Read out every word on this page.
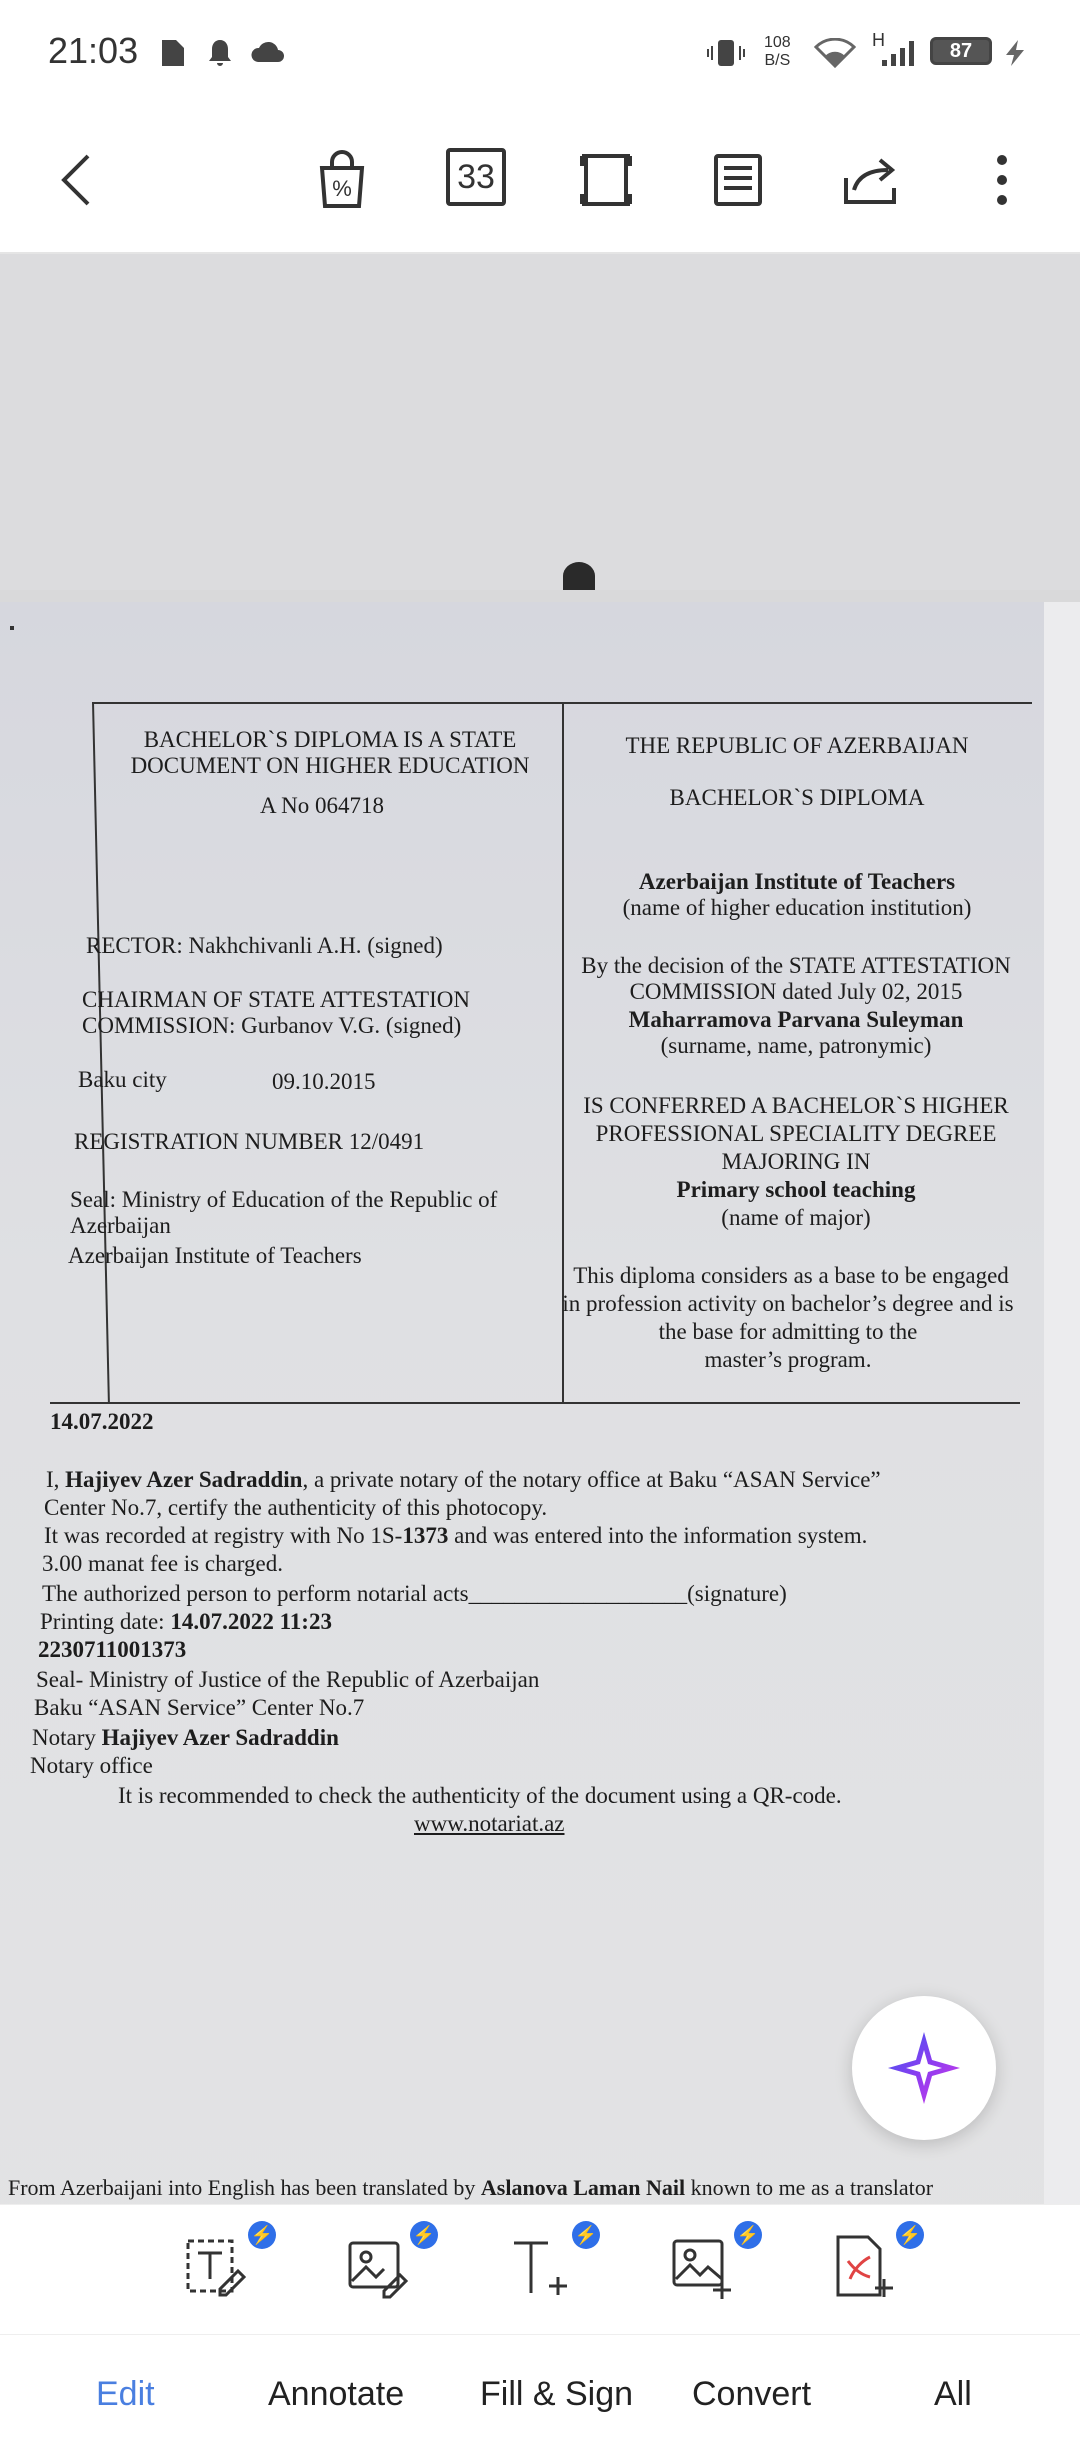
21:03	108
B/S
H	87
%	33
BACHELOR`S DIPLOMA IS A STATE
DOCUMENT ON HIGHER EDUCATION
A No 064718
RECTOR: Nakhchivanli A.H. (signed)
CHAIRMAN OF STATE ATTESTATION
COMMISSION: Gurbanov V.G. (signed)
Baku city	09.10.2015
REGISTRATION NUMBER 12/0491
Seal: Ministry of Education of the Republic of
Azerbaijan
Azerbaijan Institute of Teachers
THE REPUBLIC OF AZERBAIJAN
BACHELOR`S DIPLOMA
Azerbaijan Institute of Teachers
(name of higher education institution)
By the decision of the STATE ATTESTATION
COMMISSION dated July 02, 2015
Maharramova Parvana Suleyman
(surname, name, patronymic)
IS CONFERRED A BACHELOR`S HIGHER
PROFESSIONAL SPECIALITY DEGREE
MAJORING IN
Primary school teaching
(name of major)
This diploma considers as a base to be engaged
in profession activity on bachelor’s degree and is
the base for admitting to the
master’s program.
14.07.2022
I, Hajiyev Azer Sadraddin, a private notary of the notary office at Baku “ASAN Service”
Center No.7, certify the authenticity of this photocopy.
It was recorded at registry with No 1S-1373 and was entered into the information system.
3.00 manat fee is charged.
The authorized person to perform notarial acts___________________(signature)
Printing date: 14.07.2022 11:23
2230711001373
Seal- Ministry of Justice of the Republic of Azerbaijan
Baku “ASAN Service” Center No.7
Notary Hajiyev Azer Sadraddin
Notary office
It is recommended to check the authenticity of the document using a QR-code.
www.notariat.az
From Azerbaijani into English has been translated by Aslanova Laman Nail known to me as a translator
⚡	⚡	⚡	⚡	⚡
Edit	Annotate Fill & Sign Convert	All
